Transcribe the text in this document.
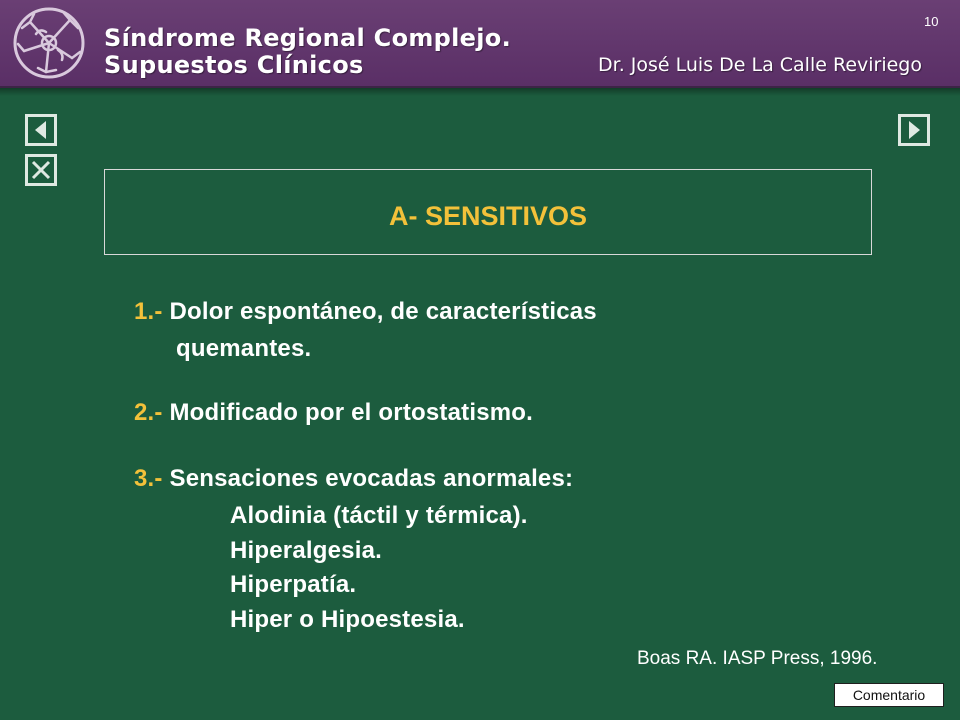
Síndrome Regional Complejo.
Supuestos Clínicos	Dr. José Luis De La Calle Reviriego
10
A- SENSITIVOS
1.- Dolor espontáneo, de características
quemantes.
2.- Modificado por el ortostatismo.
3.- Sensaciones evocadas anormales:
Alodinia (táctil y térmica).
Hiperalgesia.
Hiperpatía.
Hiper o Hipoestesia.
Boas RA. IASP Press, 1996.
Comentario
